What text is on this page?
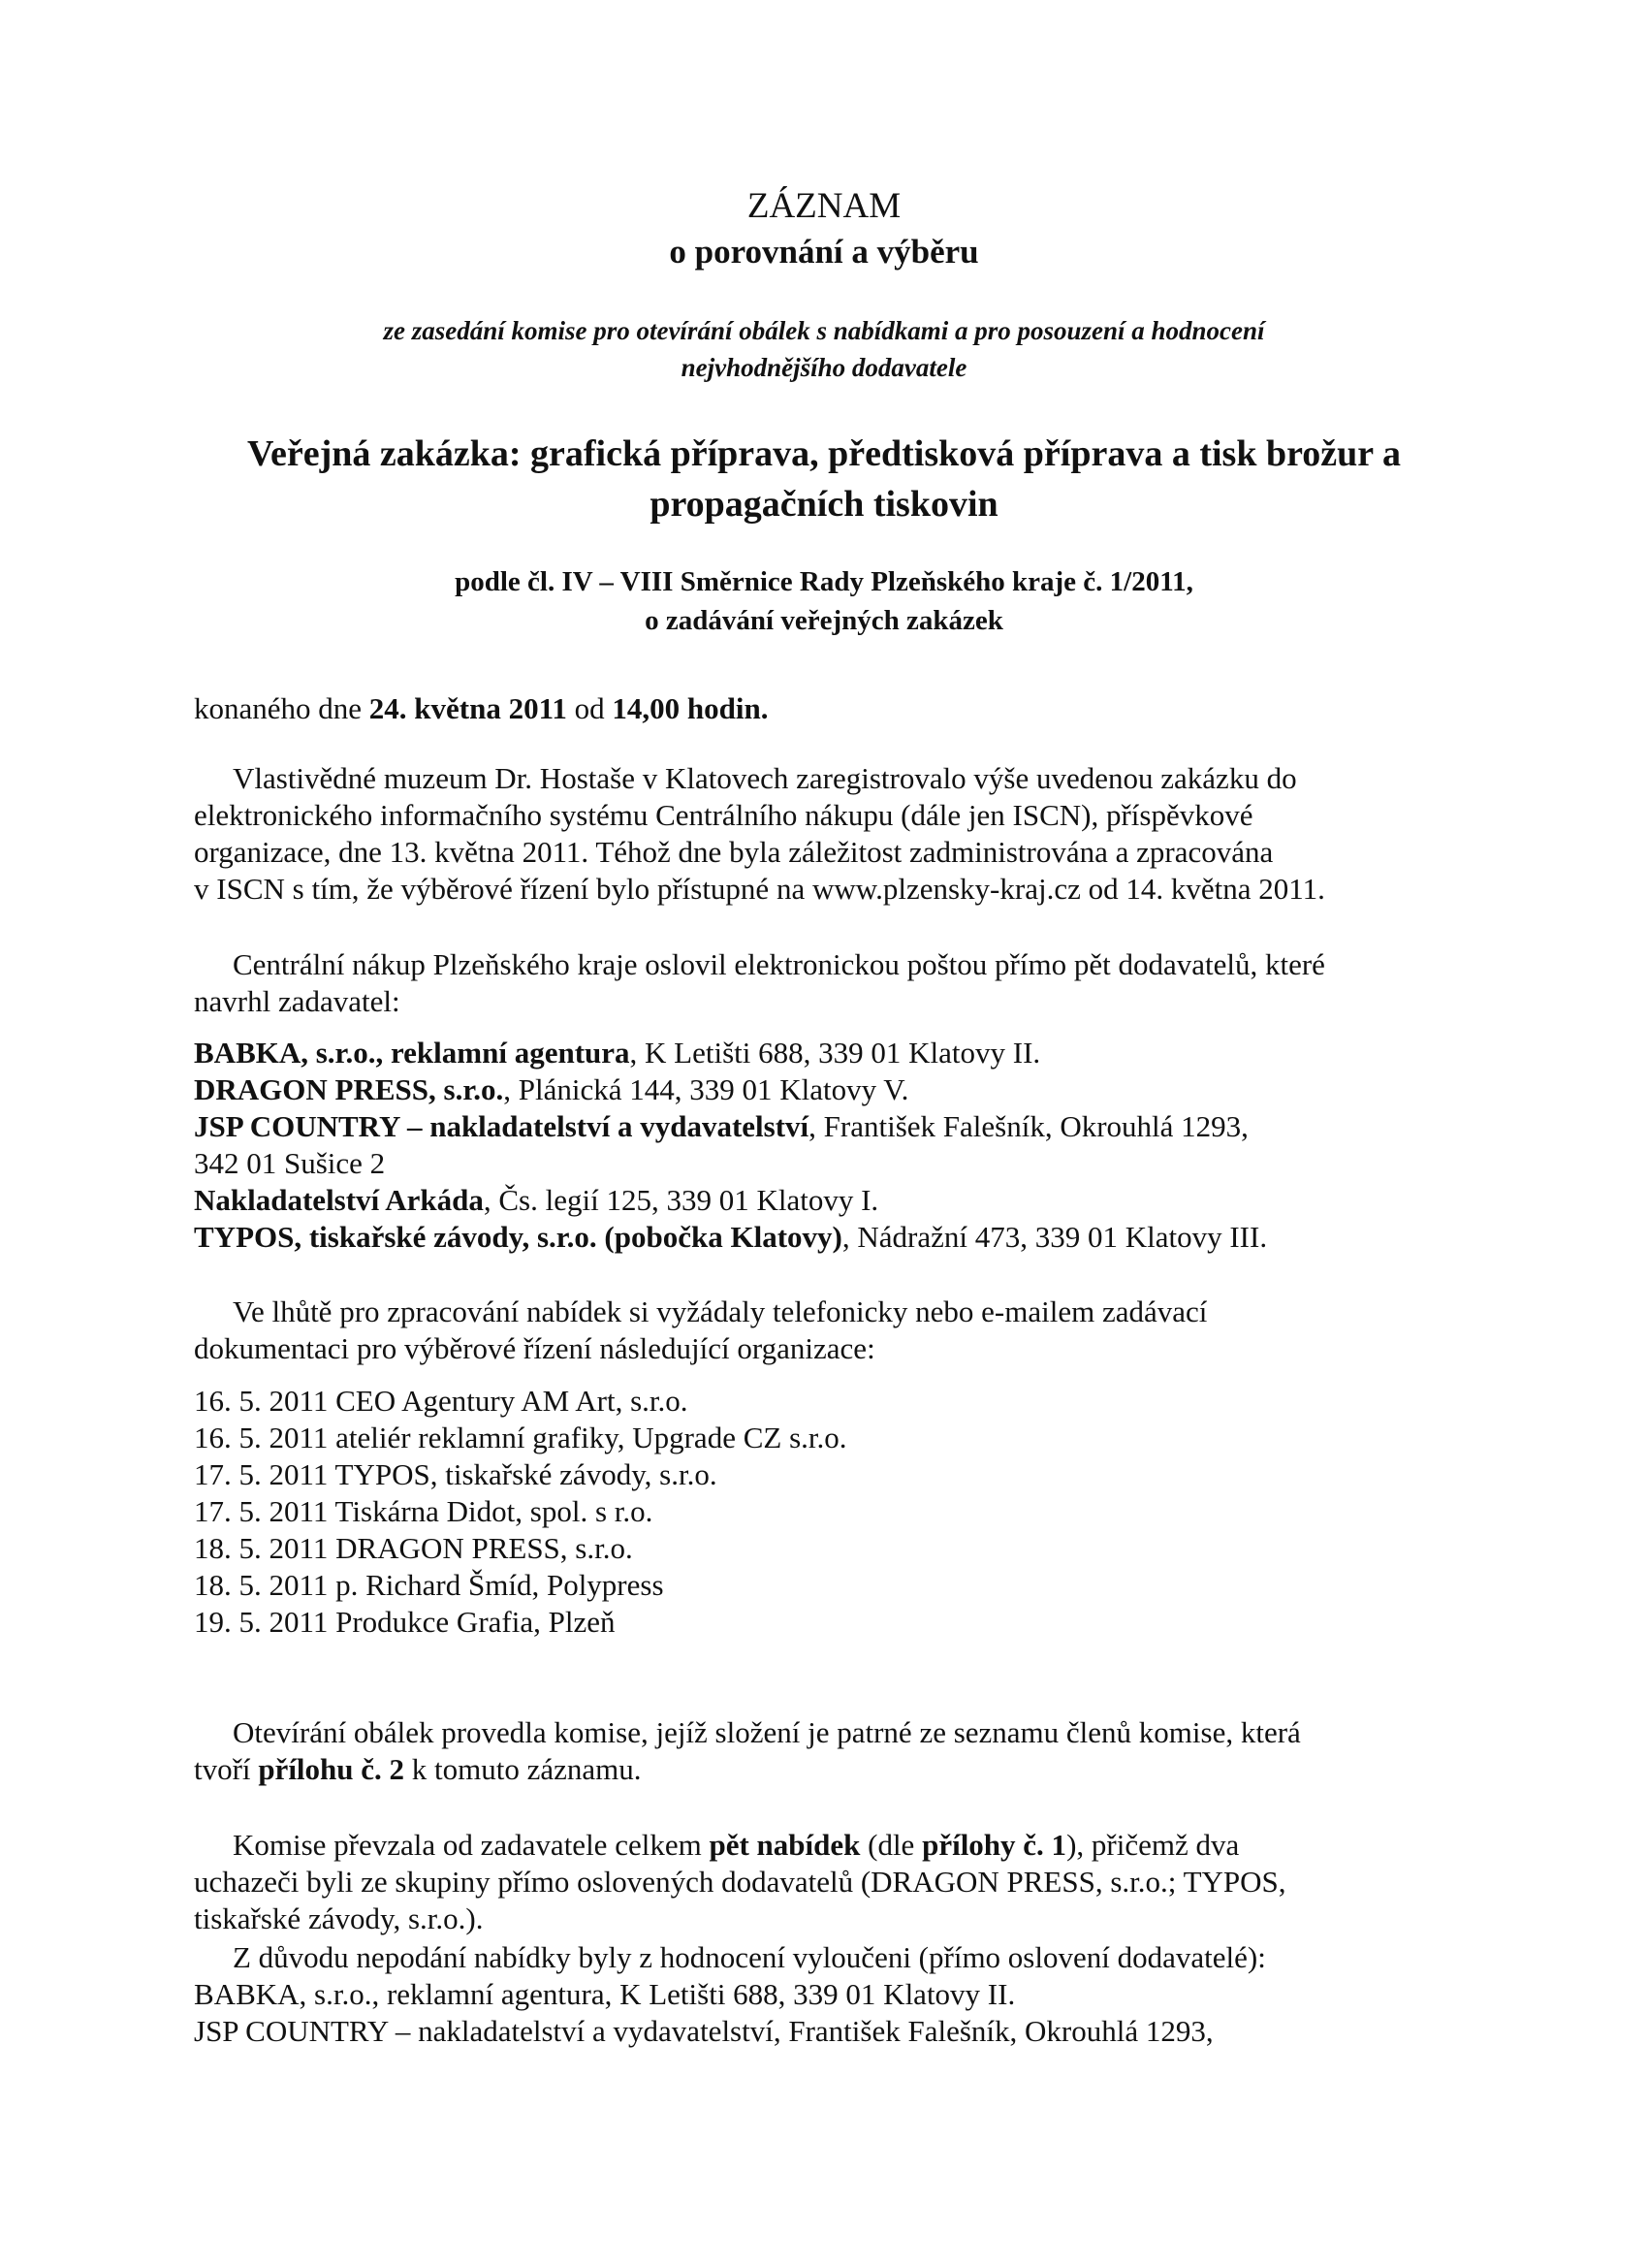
ZÁZNAM
o porovnání a výběru
ze zasedání komise pro otevírání obálek s nabídkami a pro posouzení a hodnocení
nejvhodnějšího dodavatele
Veřejná zakázka: grafická příprava, předtisková příprava a tisk brožur a
propagačních tiskovin
podle čl. IV – VIII Směrnice Rady Plzeňského kraje č. 1/2011,
o zadávání veřejných zakázek
konaného dne 24. května 2011 od 14,00 hodin.
Vlastivědné muzeum Dr. Hostaše v Klatovech zaregistrovalo výše uvedenou zakázku do
elektronického informačního systému Centrálního nákupu (dále jen ISCN), příspěvkové
organizace, dne 13. května 2011. Téhož dne byla záležitost zadministrována a zpracována
v ISCN s tím, že výběrové řízení bylo přístupné na www.plzensky-kraj.cz od 14. května 2011.
Centrální nákup Plzeňského kraje oslovil elektronickou poštou přímo pět dodavatelů, které
navrhl zadavatel:
BABKA, s.r.o., reklamní agentura, K Letišti 688, 339 01 Klatovy II.
DRAGON PRESS, s.r.o., Plánická 144, 339 01 Klatovy V.
JSP COUNTRY – nakladatelství a vydavatelství, František Falešník, Okrouhlá 1293,
342 01 Sušice 2
Nakladatelství Arkáda, Čs. legií 125, 339 01 Klatovy I.
TYPOS, tiskařské závody, s.r.o. (pobočka Klatovy), Nádražní 473, 339 01 Klatovy III.
Ve lhůtě pro zpracování nabídek si vyžádaly telefonicky nebo e-mailem zadávací
dokumentaci pro výběrové řízení následující organizace:
16. 5. 2011 CEO Agentury AM Art, s.r.o.
16. 5. 2011 ateliér reklamní grafiky, Upgrade CZ s.r.o.
17. 5. 2011 TYPOS, tiskařské závody, s.r.o.
17. 5. 2011 Tiskárna Didot, spol. s r.o.
18. 5. 2011 DRAGON PRESS, s.r.o.
18. 5. 2011 p. Richard Šmíd, Polypress
19. 5. 2011 Produkce Grafia, Plzeň
Otevírání obálek provedla komise, jejíž složení je patrné ze seznamu členů komise, která
tvoří přílohu č. 2 k tomuto záznamu.
Komise převzala od zadavatele celkem pět nabídek (dle přílohy č. 1), přičemž dva
uchazeči byli ze skupiny přímo oslovených dodavatelů (DRAGON PRESS, s.r.o.; TYPOS,
tiskařské závody, s.r.o.).
Z důvodu nepodání nabídky byly z hodnocení vyloučeni (přímo oslovení dodavatelé):
BABKA, s.r.o., reklamní agentura, K Letišti 688, 339 01 Klatovy II.
JSP COUNTRY – nakladatelství a vydavatelství, František Falešník, Okrouhlá 1293,
